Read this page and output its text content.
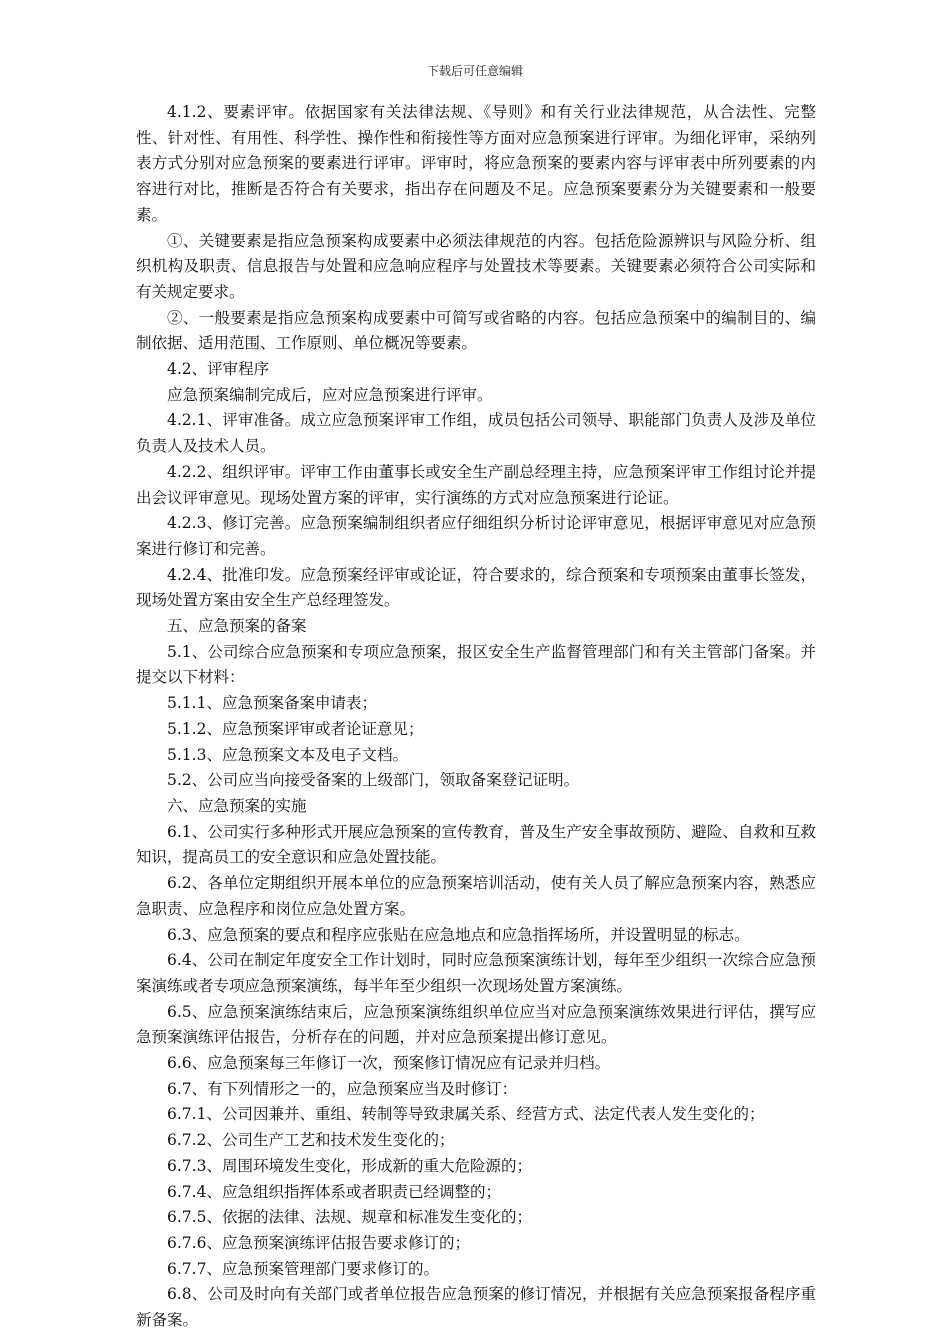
下载后可任意编辑

4.1.2、要素评审。依据国家有关法律法规、《导则》和有关行业法律规范，从合法性、完整性、针对性、有用性、科学性、操作性和衔接性等方面对应急预案进行评审。为细化评审，采纳列表方式分别对应急预案的要素进行评审。评审时，将应急预案的要素内容与评审表中所列要素的内容进行对比，推断是否符合有关要求，指出存在问题及不足。应急预案要素分为关键要素和一般要素。

①、关键要素是指应急预案构成要素中必须法律规范的内容。包括危险源辨识与风险分析、组织机构及职责、信息报告与处置和应急响应程序与处置技术等要素。关键要素必须符合公司实际和有关规定要求。

②、一般要素是指应急预案构成要素中可简写或省略的内容。包括应急预案中的编制目的、编制依据、适用范围、工作原则、单位概况等要素。

4.2、评审程序

应急预案编制完成后，应对应急预案进行评审。

4.2.1、评审准备。成立应急预案评审工作组，成员包括公司领导、职能部门负责人及涉及单位负责人及技术人员。

4.2.2、组织评审。评审工作由董事长或安全生产副总经理主持，应急预案评审工作组讨论并提出会议评审意见。现场处置方案的评审，实行演练的方式对应急预案进行论证。

4.2.3、修订完善。应急预案编制组织者应仔细组织分析讨论评审意见，根据评审意见对应急预案进行修订和完善。

4.2.4、批准印发。应急预案经评审或论证，符合要求的，综合预案和专项预案由董事长签发，现场处置方案由安全生产总经理签发。

五、应急预案的备案

5.1、公司综合应急预案和专项应急预案，报区安全生产监督管理部门和有关主管部门备案。并提交以下材料：

5.1.1、应急预案备案申请表；

5.1.2、应急预案评审或者论证意见；

5.1.3、应急预案文本及电子文档。

5.2、公司应当向接受备案的上级部门，领取备案登记证明。

六、应急预案的实施

6.1、公司实行多种形式开展应急预案的宣传教育，普及生产安全事故预防、避险、自救和互救知识，提高员工的安全意识和应急处置技能。

6.2、各单位定期组织开展本单位的应急预案培训活动，使有关人员了解应急预案内容，熟悉应急职责、应急程序和岗位应急处置方案。

6.3、应急预案的要点和程序应张贴在应急地点和应急指挥场所，并设置明显的标志。

6.4、公司在制定年度安全工作计划时，同时应急预案演练计划，每年至少组织一次综合应急预案演练或者专项应急预案演练，每半年至少组织一次现场处置方案演练。

6.5、应急预案演练结束后，应急预案演练组织单位应当对应急预案演练效果进行评估，撰写应急预案演练评估报告，分析存在的问题，并对应急预案提出修订意见。

6.6、应急预案每三年修订一次，预案修订情况应有记录并归档。

6.7、有下列情形之一的，应急预案应当及时修订：

6.7.1、公司因兼并、重组、转制等导致隶属关系、经营方式、法定代表人发生变化的；

6.7.2、公司生产工艺和技术发生变化的；

6.7.3、周围环境发生变化，形成新的重大危险源的；

6.7.4、应急组织指挥体系或者职责已经调整的；

6.7.5、依据的法律、法规、规章和标准发生变化的；

6.7.6、应急预案演练评估报告要求修订的；

6.7.7、应急预案管理部门要求修订的。

6.8、公司及时向有关部门或者单位报告应急预案的修订情况，并根据有关应急预案报备程序重新备案。
